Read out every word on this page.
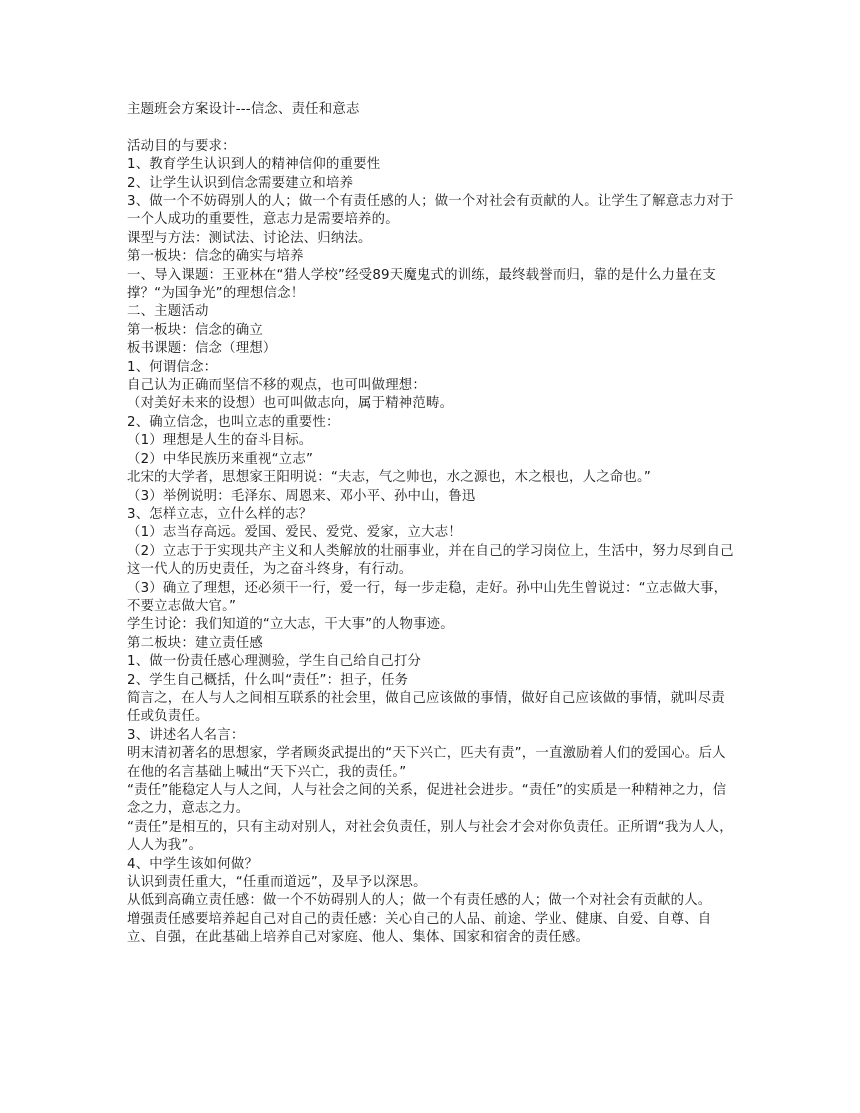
主题班会方案设计---信念、责任和意志

活动目的与要求：

1、教育学生认识到人的精神信仰的重要性

2、让学生认识到信念需要建立和培养

3、做一个不妨碍别人的人；做一个有责任感的人；做一个对社会有贡献的人。让学生了解意志力对于一个人成功的重要性，意志力是需要培养的。

课型与方法：测试法、讨论法、归纳法。

第一板块：信念的确实与培养

一、导入课题：王亚林在“猎人学校”经受89天魔鬼式的训练，最终载誉而归，靠的是什么力量在支撑？“为国争光”的理想信念！

二、主题活动

第一板块：信念的确立

板书课题：信念（理想）

1、何谓信念：

自己认为正确而坚信不移的观点，也可叫做理想：

（对美好未来的设想）也可叫做志向，属于精神范畴。

2、确立信念，也叫立志的重要性：

（1）理想是人生的奋斗目标。

（2）中华民族历来重视“立志”

北宋的大学者，思想家王阳明说：“夫志，气之帅也，水之源也，木之根也，人之命也。”

（3）举例说明：毛泽东、周恩来、邓小平、孙中山，鲁迅

3、怎样立志，立什么样的志？

（1）志当存高远。爱国、爱民、爱党、爱家，立大志！

（2）立志于于实现共产主义和人类解放的壮丽事业，并在自己的学习岗位上，生活中，努力尽到自己这一代人的历史责任，为之奋斗终身，有行动。

（3）确立了理想，还必须干一行，爱一行，每一步走稳，走好。孙中山先生曾说过：“立志做大事，不要立志做大官。”

学生讨论：我们知道的“立大志，干大事”的人物事迹。

第二板块：建立责任感

1、做一份责任感心理测验，学生自己给自己打分

2、学生自己概括，什么叫“责任”：担子，任务

简言之，在人与人之间相互联系的社会里，做自己应该做的事情，做好自己应该做的事情，就叫尽责任或负责任。

3、讲述名人名言：

明末清初著名的思想家，学者顾炎武提出的“天下兴亡，匹夫有责”，一直激励着人们的爱国心。后人在他的名言基础上喊出“天下兴亡，我的责任。”

“责任”能稳定人与人之间，人与社会之间的关系，促进社会进步。“责任”的实质是一种精神之力，信念之力，意志之力。

“责任”是相互的，只有主动对别人，对社会负责任，别人与社会才会对你负责任。正所谓“我为人人，人人为我”。

4、中学生该如何做？

认识到责任重大，“任重而道远”，及早予以深思。

从低到高确立责任感：做一个不妨碍别人的人；做一个有责任感的人；做一个对社会有贡献的人。

增强责任感要培养起自己对自己的责任感：关心自己的人品、前途、学业、健康、自爱、自尊、自立、自强，在此基础上培养自己对家庭、他人、集体、国家和宿舍的责任感。
